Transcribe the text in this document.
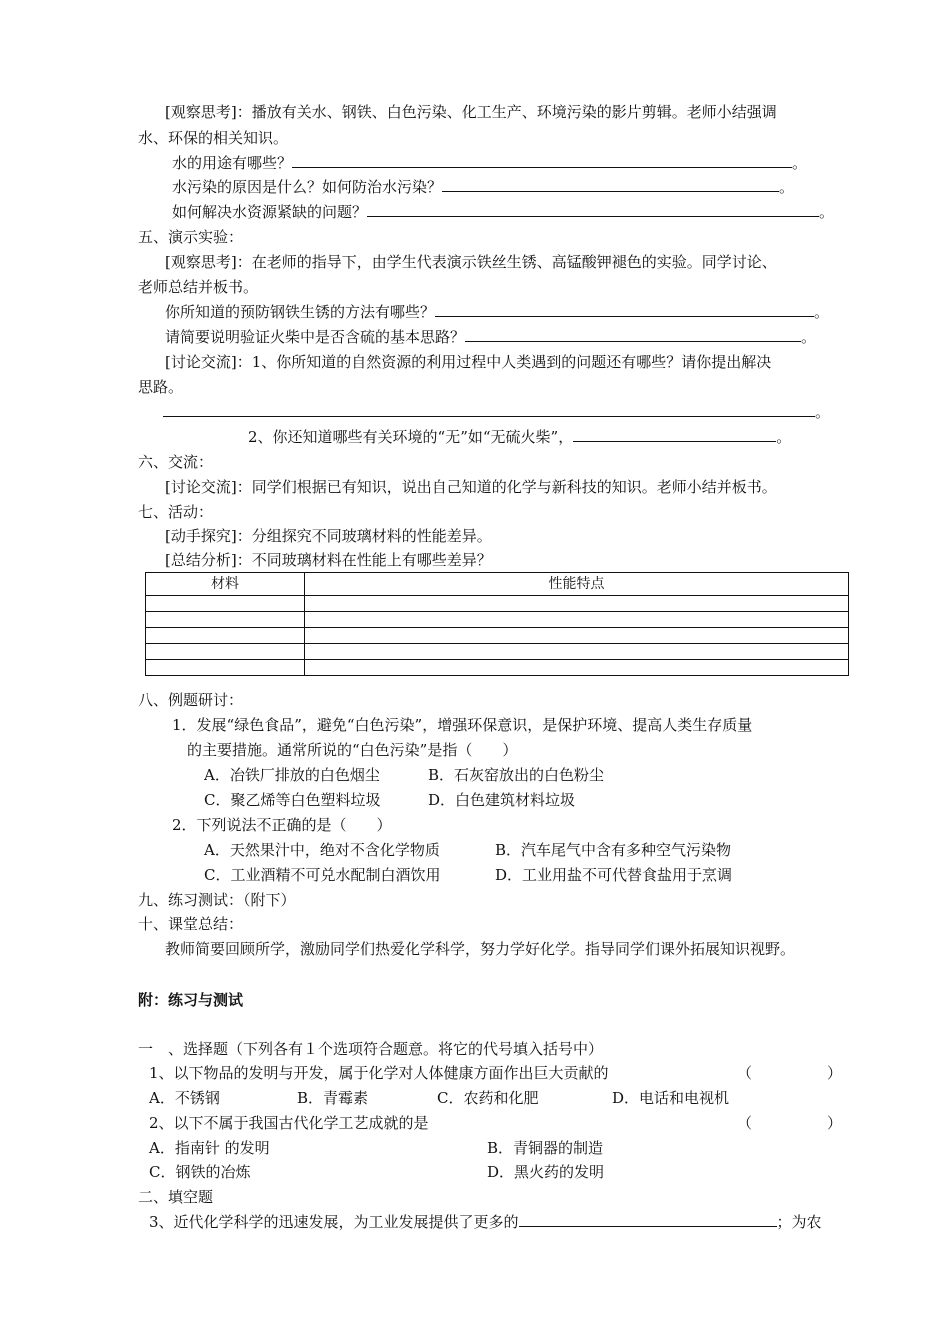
[观察思考]：播放有关水、钢铁、白色污染、化工生产、环境污染的影片剪辑。老师小结强调
水、环保的相关知识。
水的用途有哪些？	。
水污染的原因是什么？如何防治水污染？	。
如何解决水资源紧缺的问题？	。
五、演示实验：
[观察思考]：在老师的指导下，由学生代表演示铁丝生锈、高锰酸钾褪色的实验。同学讨论、
老师总结并板书。
你所知道的预防钢铁生锈的方法有哪些？	。
请简要说明验证火柴中是否含硫的基本思路？	。
[讨论交流]：1、你所知道的自然资源的利用过程中人类遇到的问题还有哪些？请你提出解决
思路。
。
2、你还知道哪些有关环境的“无”如“无硫火柴”，	。
六、交流：
[讨论交流]：同学们根据已有知识，说出自己知道的化学与新科技的知识。老师小结并板书。
七、活动：
[动手探究]：分组探究不同玻璃材料的性能差异。
[总结分析]：不同玻璃材料在性能上有哪些差异？
材料	性能特点

八、例题研讨：
1．发展“绿色食品”，避免“白色污染”，增强环保意识，是保护环境、提高人类生存质量
的主要措施。通常所说的“白色污染”是指（　　）
A．冶铁厂排放的白色烟尘	B．石灰窑放出的白色粉尘
C．聚乙烯等白色塑料垃圾	D．白色建筑材料垃圾
2．下列说法不正确的是（　　）
A．天然果汁中，绝对不含化学物质	B．汽车尾气中含有多种空气污染物
C．工业酒精不可兑水配制白酒饮用	D．工业用盐不可代替食盐用于烹调
九、练习测试：（附下）
十、课堂总结：
教师简要回顾所学，激励同学们热爱化学科学，努力学好化学。指导同学们课外拓展知识视野。
附：练习与测试
一　、选择题（下列各有１个选项符合题意。将它的代号填入括号中）
1、以下物品的发明与开发，属于化学对人体健康方面作出巨大贡献的	（　　　　　）
A．不锈钢	B．青霉素	C．农药和化肥	D．电话和电视机
2、以下不属于我国古代化学工艺成就的是	（　　　　　）
A．指南针 的发明	B．青铜器的制造
C．钢铁的冶炼	D．黑火药的发明
二、填空题
3、近代化学科学的迅速发展，为工业发展提供了更多的	；为农
